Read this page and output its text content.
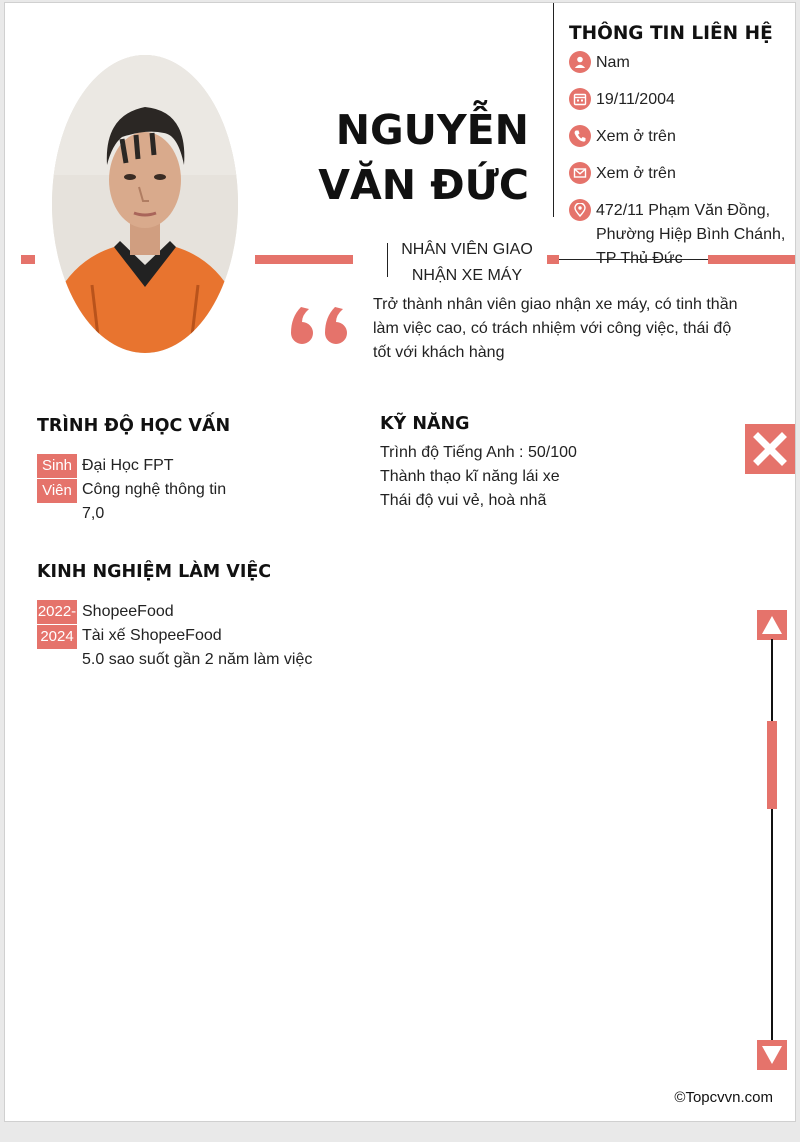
NGUYỄN
VĂN ĐỨC
THÔNG TIN LIÊN HỆ
Nam
19/11/2004
Xem ở trên
Xem ở trên
472/11 Phạm Văn Đồng, Phường Hiệp Bình Chánh, TP Thủ Đức
NHÂN VIÊN GIAO
NHẬN XE MÁY
Trở thành nhân viên giao nhận xe máy, có tinh thần làm việc cao, có trách nhiệm với công việc, thái độ tốt với khách hàng
TRÌNH ĐỘ HỌC VẤN
Sinh
Viên
Đại Học FPT
Công nghệ thông tin
7,0
KỸ NĂNG
Trình độ Tiếng Anh : 50/100
Thành thạo kĩ năng lái xe
Thái độ vui vẻ, hoà nhã
KINH NGHIỆM LÀM VIỆC
2022-
2024
ShopeeFood
Tài xế ShopeeFood
5.0 sao suốt gần 2 năm làm việc
©Topcvvn.com
